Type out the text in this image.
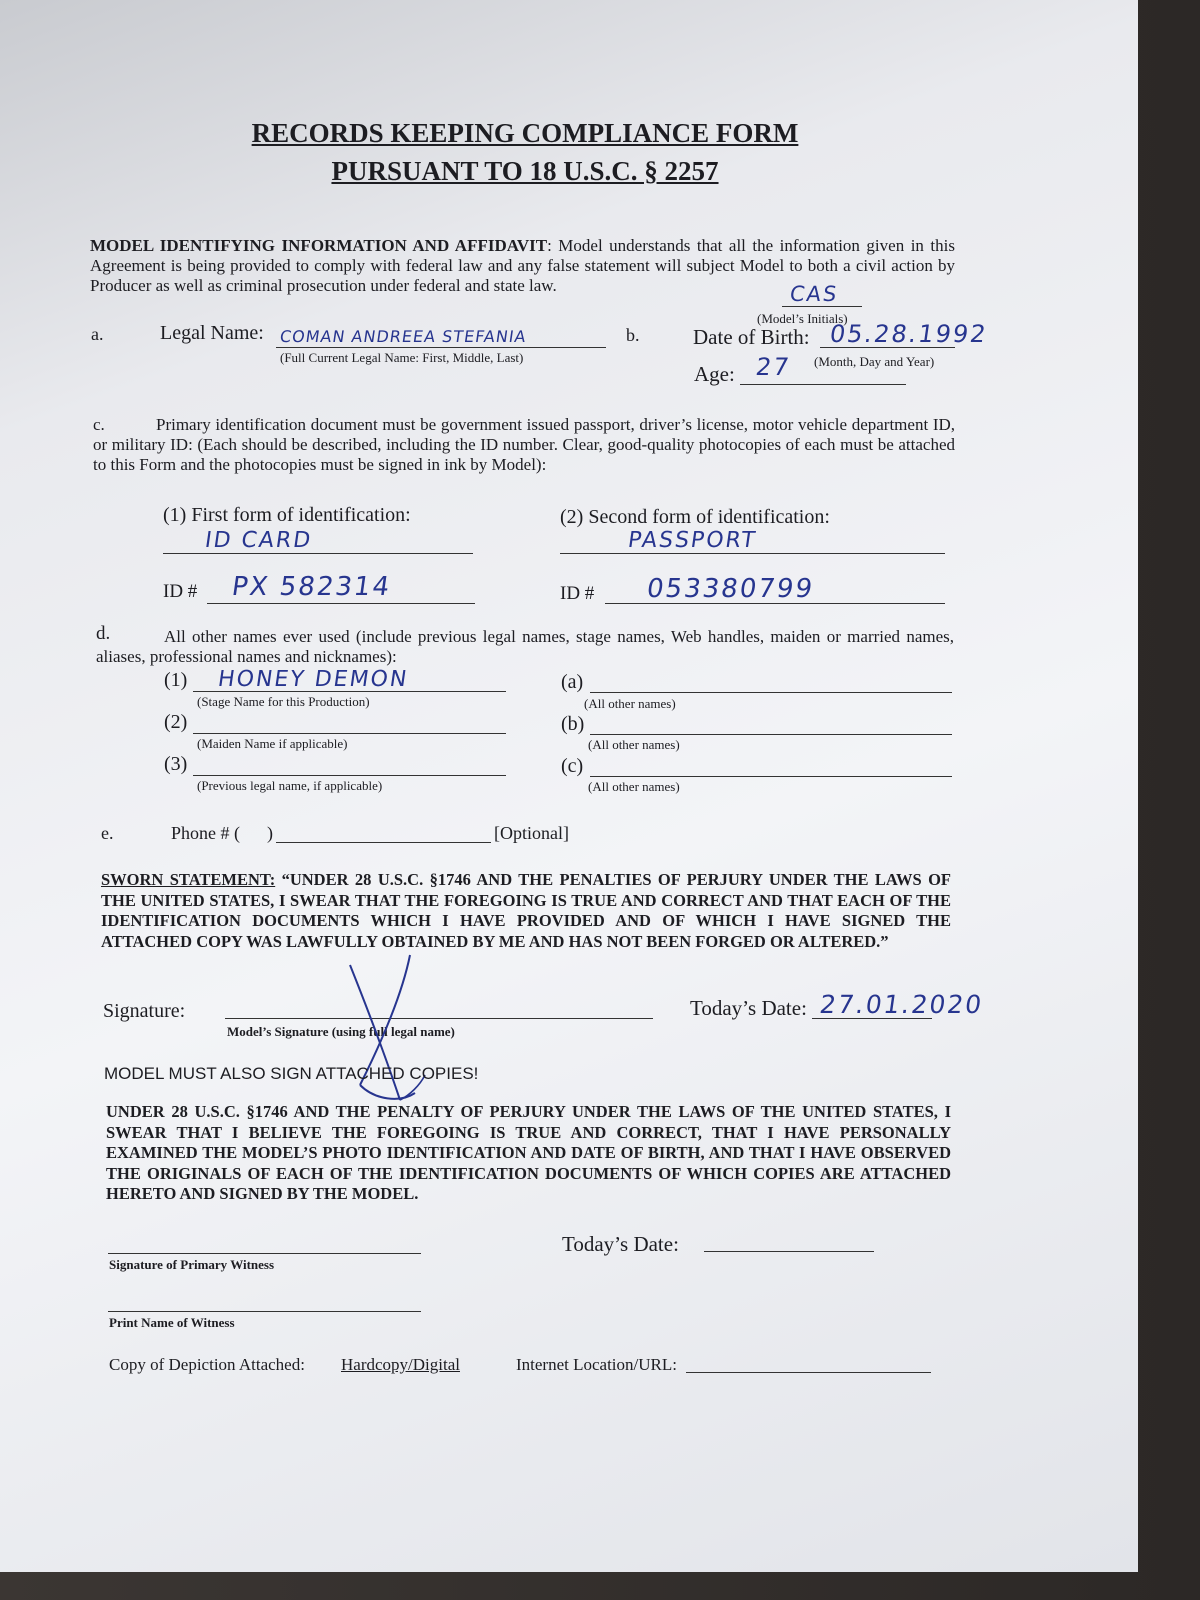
RECORDS KEEPING COMPLIANCE FORM
PURSUANT TO 18 U.S.C. § 2257
MODEL IDENTIFYING INFORMATION AND AFFIDAVIT: Model understands that all the information given in this Agreement is being provided to comply with federal law and any false statement will subject Model to both a civil action by Producer as well as criminal prosecution under federal and state law.	CAS
(Model’s Initials)
a.	Legal Name: COMAN ANDREEA STEFANIA
(Full Current Legal Name: First, Middle, Last)
b.	Date of Birth: 05.28.1992
(Month, Day and Year)
Age: 27
c.	Primary identification document must be government issued passport, driver’s license, motor vehicle department ID, or military ID: (Each should be described, including the ID number. Clear, good-quality photocopies of each must be attached to this Form and the photocopies must be signed in ink by Model):
(1) First form of identification:
ID CARD
(2) Second form of identification:
PASSPORT
ID # PX 582314	ID # 053380799
d.	All other names ever used (include previous legal names, stage names, Web handles, maiden or married names, aliases, professional names and nicknames):
(1) HONEY DEMON
(Stage Name for this Production)
(2)
(Maiden Name if applicable)
(3)
(Previous legal name, if applicable)
(a)
(All other names)
(b)
(All other names)
(c)
(All other names)
e.	Phone # (      )	[Optional]
SWORN STATEMENT: “UNDER 28 U.S.C. §1746 AND THE PENALTIES OF PERJURY UNDER THE LAWS OF THE UNITED STATES, I SWEAR THAT THE FOREGOING IS TRUE AND CORRECT AND THAT EACH OF THE IDENTIFICATION DOCUMENTS WHICH I HAVE PROVIDED AND OF WHICH I HAVE SIGNED THE ATTACHED COPY WAS LAWFULLY OBTAINED BY ME AND HAS NOT BEEN FORGED OR ALTERED.”
Signature:
Model’s Signature (using full legal name)
Today’s Date: 27.01.2020
MODEL MUST ALSO SIGN ATTACHED COPIES!
UNDER 28 U.S.C. §1746 AND THE PENALTY OF PERJURY UNDER THE LAWS OF THE UNITED STATES, I SWEAR THAT I BELIEVE THE FOREGOING IS TRUE AND CORRECT, THAT I HAVE PERSONALLY EXAMINED THE MODEL’S PHOTO IDENTIFICATION AND DATE OF BIRTH, AND THAT I HAVE OBSERVED THE ORIGINALS OF EACH OF THE IDENTIFICATION DOCUMENTS OF WHICH COPIES ARE ATTACHED HERETO AND SIGNED BY THE MODEL.
Signature of Primary Witness
Today’s Date:
Print Name of Witness
Copy of Depiction Attached: Hardcopy/Digital	Internet Location/URL:
